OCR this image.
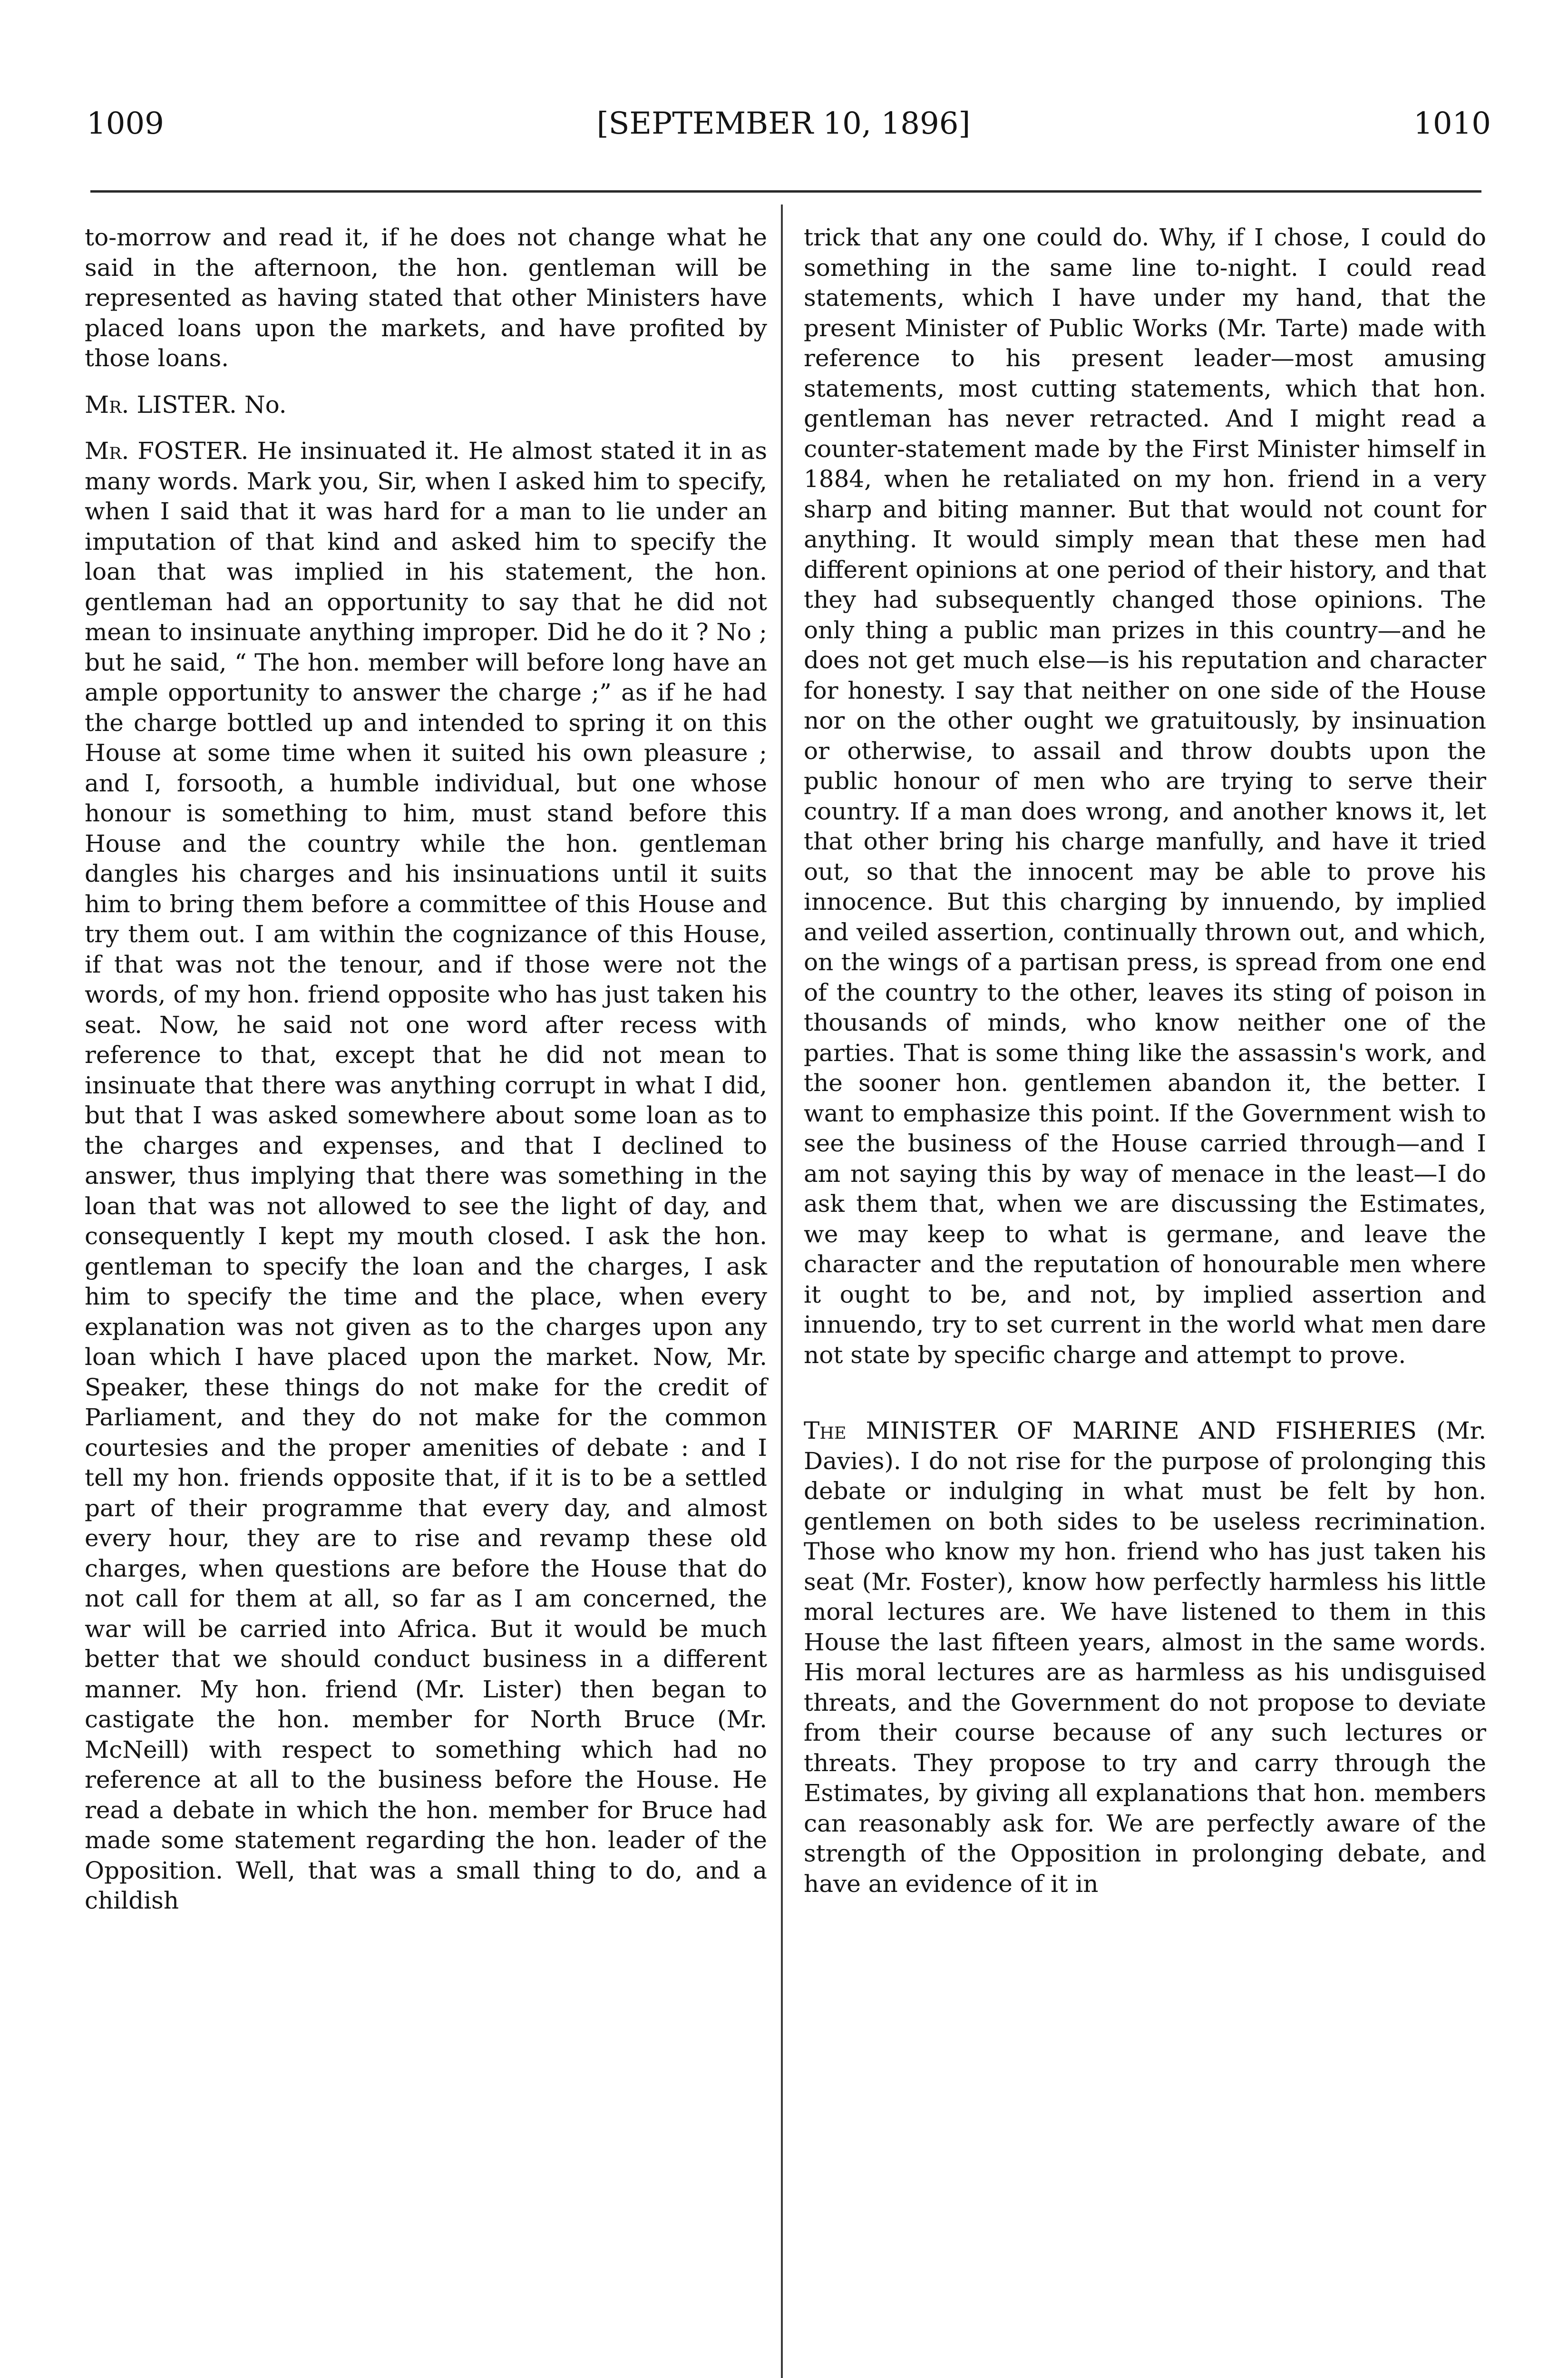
1009	[SEPTEMBER 10, 1896]	1010

to-morrow and read it, if he does not change what he said in the afternoon, the hon. gentleman will be represented as having stated that other Ministers have placed loans upon the markets, and have profited by those loans.

Mr. LISTER. No.

Mr. FOSTER. He insinuated it. He almost stated it in as many words. Mark you, Sir, when I asked him to specify, when I said that it was hard for a man to lie under an imputation of that kind and asked him to specify the loan that was implied in his statement, the hon. gentleman had an opportunity to say that he did not mean to insinuate anything improper. Did he do it ? No ; but he said, “ The hon. member will before long have an ample opportunity to answer the charge ;” as if he had the charge bottled up and intended to spring it on this House at some time when it suited his own pleasure ; and I, forsooth, a humble individual, but one whose honour is something to him, must stand before this House and the country while the hon. gentleman dangles his charges and his insinuations until it suits him to bring them before a committee of this House and try them out. I am within the cognizance of this House, if that was not the tenour, and if those were not the words, of my hon. friend opposite who has just taken his seat. Now, he said not one word after recess with reference to that, except that he did not mean to insinuate that there was anything corrupt in what I did, but that I was asked somewhere about some loan as to the charges and expenses, and that I declined to answer, thus implying that there was something in the loan that was not allowed to see the light of day, and consequently I kept my mouth closed. I ask the hon. gentleman to specify the loan and the charges, I ask him to specify the time and the place, when every explanation was not given as to the charges upon any loan which I have placed upon the market. Now, Mr. Speaker, these things do not make for the credit of Parliament, and they do not make for the common courtesies and the proper amenities of debate : and I tell my hon. friends opposite that, if it is to be a settled part of their programme that every day, and almost every hour, they are to rise and revamp these old charges, when questions are before the House that do not call for them at all, so far as I am concerned, the war will be carried into Africa. But it would be much better that we should conduct business in a different manner. My hon. friend (Mr. Lister) then began to castigate the hon. member for North Bruce (Mr. McNeill) with respect to something which had no reference at all to the business before the House. He read a debate in which the hon. member for Bruce had made some statement regarding the hon. leader of the Opposition. Well, that was a small thing to do, and a childish

trick that any one could do. Why, if I chose, I could do something in the same line to-night. I could read statements, which I have under my hand, that the present Minister of Public Works (Mr. Tarte) made with reference to his present leader—most amusing statements, most cutting statements, which that hon. gentleman has never retracted. And I might read a counter-statement made by the First Minister himself in 1884, when he retaliated on my hon. friend in a very sharp and biting manner. But that would not count for anything. It would simply mean that these men had different opinions at one period of their history, and that they had subsequently changed those opinions. The only thing a public man prizes in this country—and he does not get much else—is his reputation and character for honesty. I say that neither on one side of the House nor on the other ought we gratuitously, by insinuation or otherwise, to assail and throw doubts upon the public honour of men who are trying to serve their country. If a man does wrong, and another knows it, let that other bring his charge manfully, and have it tried out, so that the innocent may be able to prove his innocence. But this charging by innuendo, by implied and veiled assertion, continually thrown out, and which, on the wings of a partisan press, is spread from one end of the country to the other, leaves its sting of poison in thousands of minds, who know neither one of the parties. That is some thing like the assassin's work, and the sooner hon. gentlemen abandon it, the better. I want to emphasize this point. If the Government wish to see the business of the House carried through—and I am not saying this by way of menace in the least—I do ask them that, when we are discussing the Estimates, we may keep to what is germane, and leave the character and the reputation of honourable men where it ought to be, and not, by implied assertion and innuendo, try to set current in the world what men dare not state by specific charge and attempt to prove.

The MINISTER OF MARINE AND FISHERIES (Mr. Davies). I do not rise for the purpose of prolonging this debate or indulging in what must be felt by hon. gentlemen on both sides to be useless recrimination. Those who know my hon. friend who has just taken his seat (Mr. Foster), know how perfectly harmless his little moral lectures are. We have listened to them in this House the last fifteen years, almost in the same words. His moral lectures are as harmless as his undisguised threats, and the Government do not propose to deviate from their course because of any such lectures or threats. They propose to try and carry through the Estimates, by giving all explanations that hon. members can reasonably ask for. We are perfectly aware of the strength of the Opposition in prolonging debate, and have an evidence of it in
